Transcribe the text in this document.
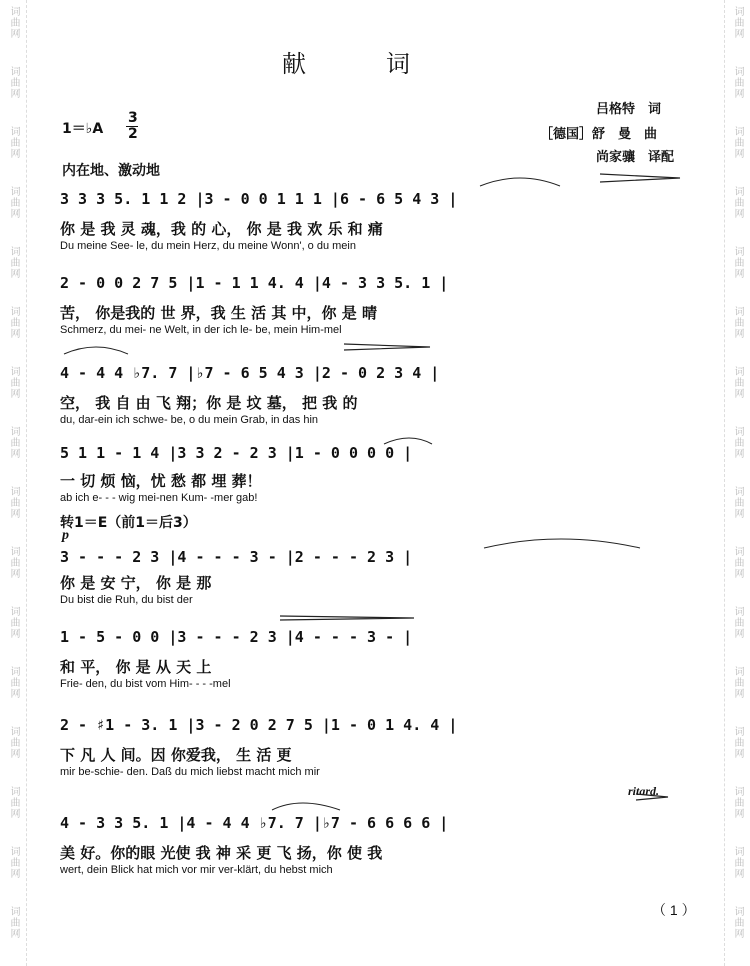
词曲网
词曲网
词曲网
词曲网
词曲网
词曲网
词曲网
词曲网
词曲网
词曲网
词曲网
词曲网
词曲网
词曲网
词曲网
词曲网
词曲网
词曲网
词曲网
词曲网
词曲网
词曲网
词曲网
词曲网
词曲网
词曲网
词曲网
词曲网
词曲网
词曲网
词曲网
词曲网
献　　　词
吕格特　词
［德国］舒　曼　曲
尚家骧　译配
1＝♭A
3
2
内在地、激动地
3 3 3 5. 1 1 2 |3 - 0 0 1 1 1 |6 - 6 5 4 3 |
你 是 我 灵 魂，我 的 心， 你 是 我 欢 乐 和 痛
Du meine See- le, du mein Herz, du meine Wonn', o du mein
2 - 0 0 2 7 5 |1 - 1 1 4. 4 |4 - 3 3 5. 1 |
苦， 你是我的 世 界，我 生 活 其 中，你 是 晴
Schmerz, du mei- ne Welt, in der ich le- be, mein Him-mel
4 - 4 4 ♭7. 7 |♭7 - 6 5 4 3 |2 - 0 2 3 4 |
空， 我 自 由 飞 翔；你 是 坟 墓， 把 我 的
du, dar-ein ich schwe- be, o du mein Grab, in das hin
5 1 1 - 1 4 |3 3 2 - 2 3 |1 - 0 0 0 0 |
一 切 烦 恼，忧 愁 都 埋 葬！
ab ich e- - - wig mei-nen Kum- -mer gab!
转1＝E（前1＝后3）
p
3 - - - 2 3 |4 - - - 3 - |2 - - - 2 3 |
你 是 安 宁， 你 是 那
Du bist die Ruh, du bist der
1 - 5 - 0 0 |3 - - - 2 3 |4 - - - 3 - |
和 平， 你 是 从 天 上
Frie- den, du bist vom Him- - - -mel
2 - ♯1 - 3. 1 |3 - 2 0 2 7 5 |1 - 0 1 4. 4 |
下 凡 人 间。因 你爱我， 生 活 更
mir be-schie- den. Daß du mich liebst macht mich mir
ritard.
4 - 3 3 5. 1 |4 - 4 4 ♭7. 7 |♭7 - 6 6 6 6 |
美 好。你的眼 光使 我 神 采 更 飞 扬，你 使 我
wert, dein Blick hat mich vor mir ver-klärt, du hebst mich
（ 1 ）
